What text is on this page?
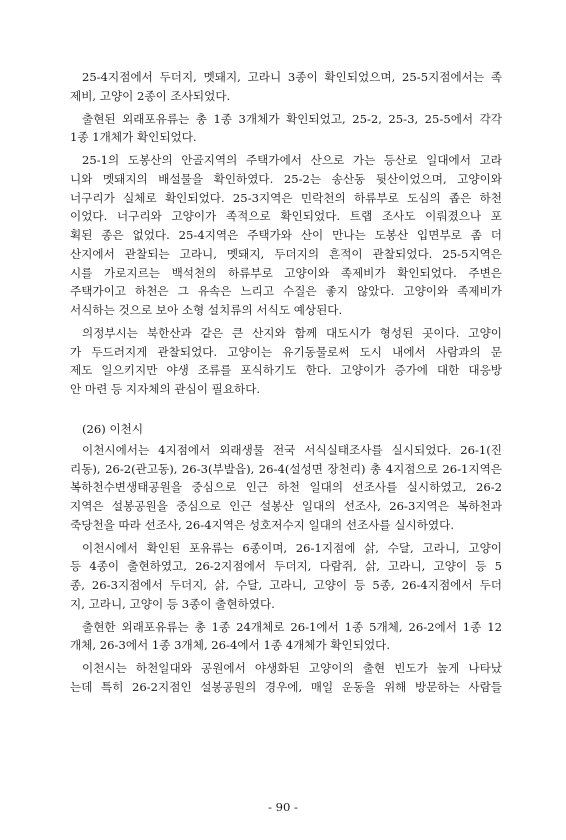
25-4지점에서 두더지, 멧돼지, 고라니 3종이 확인되었으며, 25-5지점에서는 족
제비, 고양이 2종이 조사되었다.
출현된 외래포유류는 총 1종 3개체가 확인되었고, 25-2, 25-3, 25-5에서 각각
1종 1개체가 확인되었다.
25-1의 도봉산의 안골지역의 주택가에서 산으로 가는 등산로 일대에서 고라
니와 멧돼지의 배설물을 확인하였다. 25-2는 송산동 뒷산이었으며, 고양이와
너구리가 실체로 확인되었다. 25-3지역은 민락천의 하류부로 도심의 좁은 하천
이었다. 너구리와 고양이가 족적으로 확인되었다. 트랩 조사도 이뤄졌으나 포
획된 종은 없었다. 25-4지역은 주택가와 산이 만나는 도봉산 입면부로 좀 더
산지에서 관찰되는 고라니, 멧돼지, 두더지의 흔적이 관찰되었다. 25-5지역은
시를 가로지르는 백석천의 하류부로 고양이와 족제비가 확인되었다. 주변은
주택가이고 하천은 그 유속은 느리고 수질은 좋지 않았다. 고양이와 족제비가
서식하는 것으로 보아 소형 설치류의 서식도 예상된다.
의정부시는 북한산과 같은 큰 산지와 함께 대도시가 형성된 곳이다. 고양이
가 두드러지게 관찰되었다. 고양이는 유기동물로써 도시 내에서 사람과의 문
제도 일으키지만 야생 조류를 포식하기도 한다. 고양이가 증가에 대한 대응방
안 마련 등 지자체의 관심이 필요하다.
(26) 이천시
이천시에서는 4지점에서 외래생물 전국 서식실태조사를 실시되었다. 26-1(진
리동), 26-2(관고동), 26-3(부발읍), 26-4(설성면 장천리) 총 4지점으로 26-1지역은
복하천수변생태공원을 중심으로 인근 하천 일대의 선조사를 실시하였고, 26-2
지역은 설봉공원을 중심으로 인근 설봉산 일대의 선조사, 26-3지역은 복하천과
죽당천을 따라 선조사, 26-4지역은 성호저수지 일대의 선조사를 실시하였다.
이천시에서 확인된 포유류는 6종이며, 26-1지점에 삵, 수달, 고라니, 고양이
등 4종이 출현하였고, 26-2지점에서 두더지, 다람쥐, 삵, 고라니, 고양이 등 5
종, 26-3지점에서 두더지, 삵, 수달, 고라니, 고양이 등 5종, 26-4지점에서 두더
지, 고라니, 고양이 등 3종이 출현하였다.
출현한 외래포유류는 총 1종 24개체로 26-1에서 1종 5개체, 26-2에서 1종 12
개체, 26-3에서 1종 3개체, 26-4에서 1종 4개체가 확인되었다.
이천시는 하천일대와 공원에서 야생화된 고양이의 출현 빈도가 높게 나타났
는데 특히 26-2지점인 설봉공원의 경우에, 매일 운동을 위해 방문하는 사람들
- 90 -
